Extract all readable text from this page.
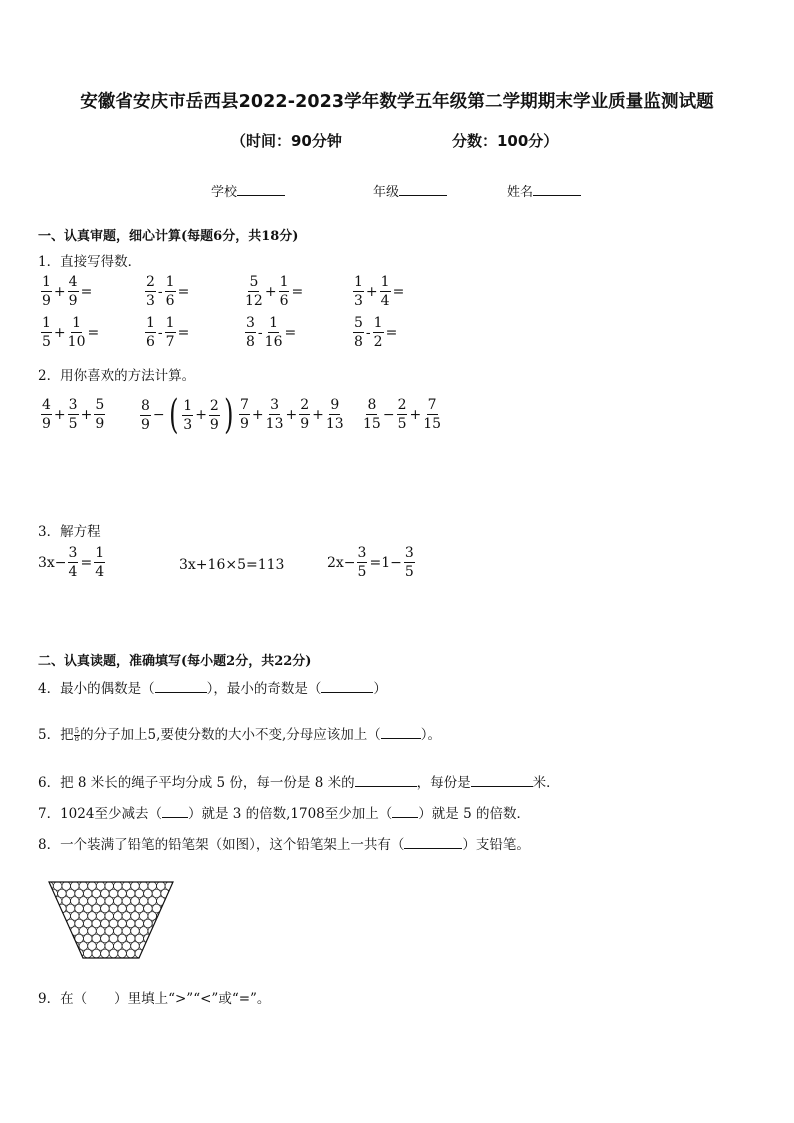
安徽省安庆市岳西县2022-2023学年数学五年级第二学期期末学业质量监测试题
（时间：90分钟	分数：100分）
学校	年级	姓名
一、认真审题，细心计算(每题6分，共18分)
1．直接写得数．
$\frac{1}{9} + \frac{4}{9}$ =	$\frac{2}{3} - \frac{1}{6}$ =	$\frac{5}{12} + \frac{1}{6}$ =	$\frac{1}{3} + \frac{1}{4}$ =
$\frac{1}{5} + \frac{1}{10}$ =	$\frac{1}{6} - \frac{1}{7}$ =	$\frac{3}{8} - \frac{1}{16}$ =	$\frac{5}{8} - \frac{1}{2}$ =
2．用你喜欢的方法计算。
$\frac{4}{9} + \frac{3}{5} + \frac{5}{9} \frac{8}{9}$ − ( $\frac{1}{3} + \frac{2}{9}$ ) $\frac{7}{9} + \frac{3}{13} + \frac{2}{9} + \frac{9}{13} \frac{8}{15} - \frac{2}{5} + \frac{7}{15}$
3．解方程
$3x- \frac{3}{4} = \frac{1}{4}$	3x+16×5=113	$2x- \frac{3}{5} =1- \frac{3}{5}$
二、认真读题，准确填写(每小题2分，共22分)
4．最小的偶数是（	），最小的奇数是（	）
5．把 $\frac{5}{8}$ 的分子加上5,要使分数的大小不变,分母应该加上（	）。
6．把 8 米长的绳子平均分成 5 份，每一份是 8 米的	，每份是	米．
7．1024至少减去（ ）就是 3 的倍数,1708至少加上（ ）就是 5 的倍数．
8．一个装满了铅笔的铅笔架（如图），这个铅笔架上一共有（	）支铅笔。
9．在（　　）里填上“>”“<”或“=”。
